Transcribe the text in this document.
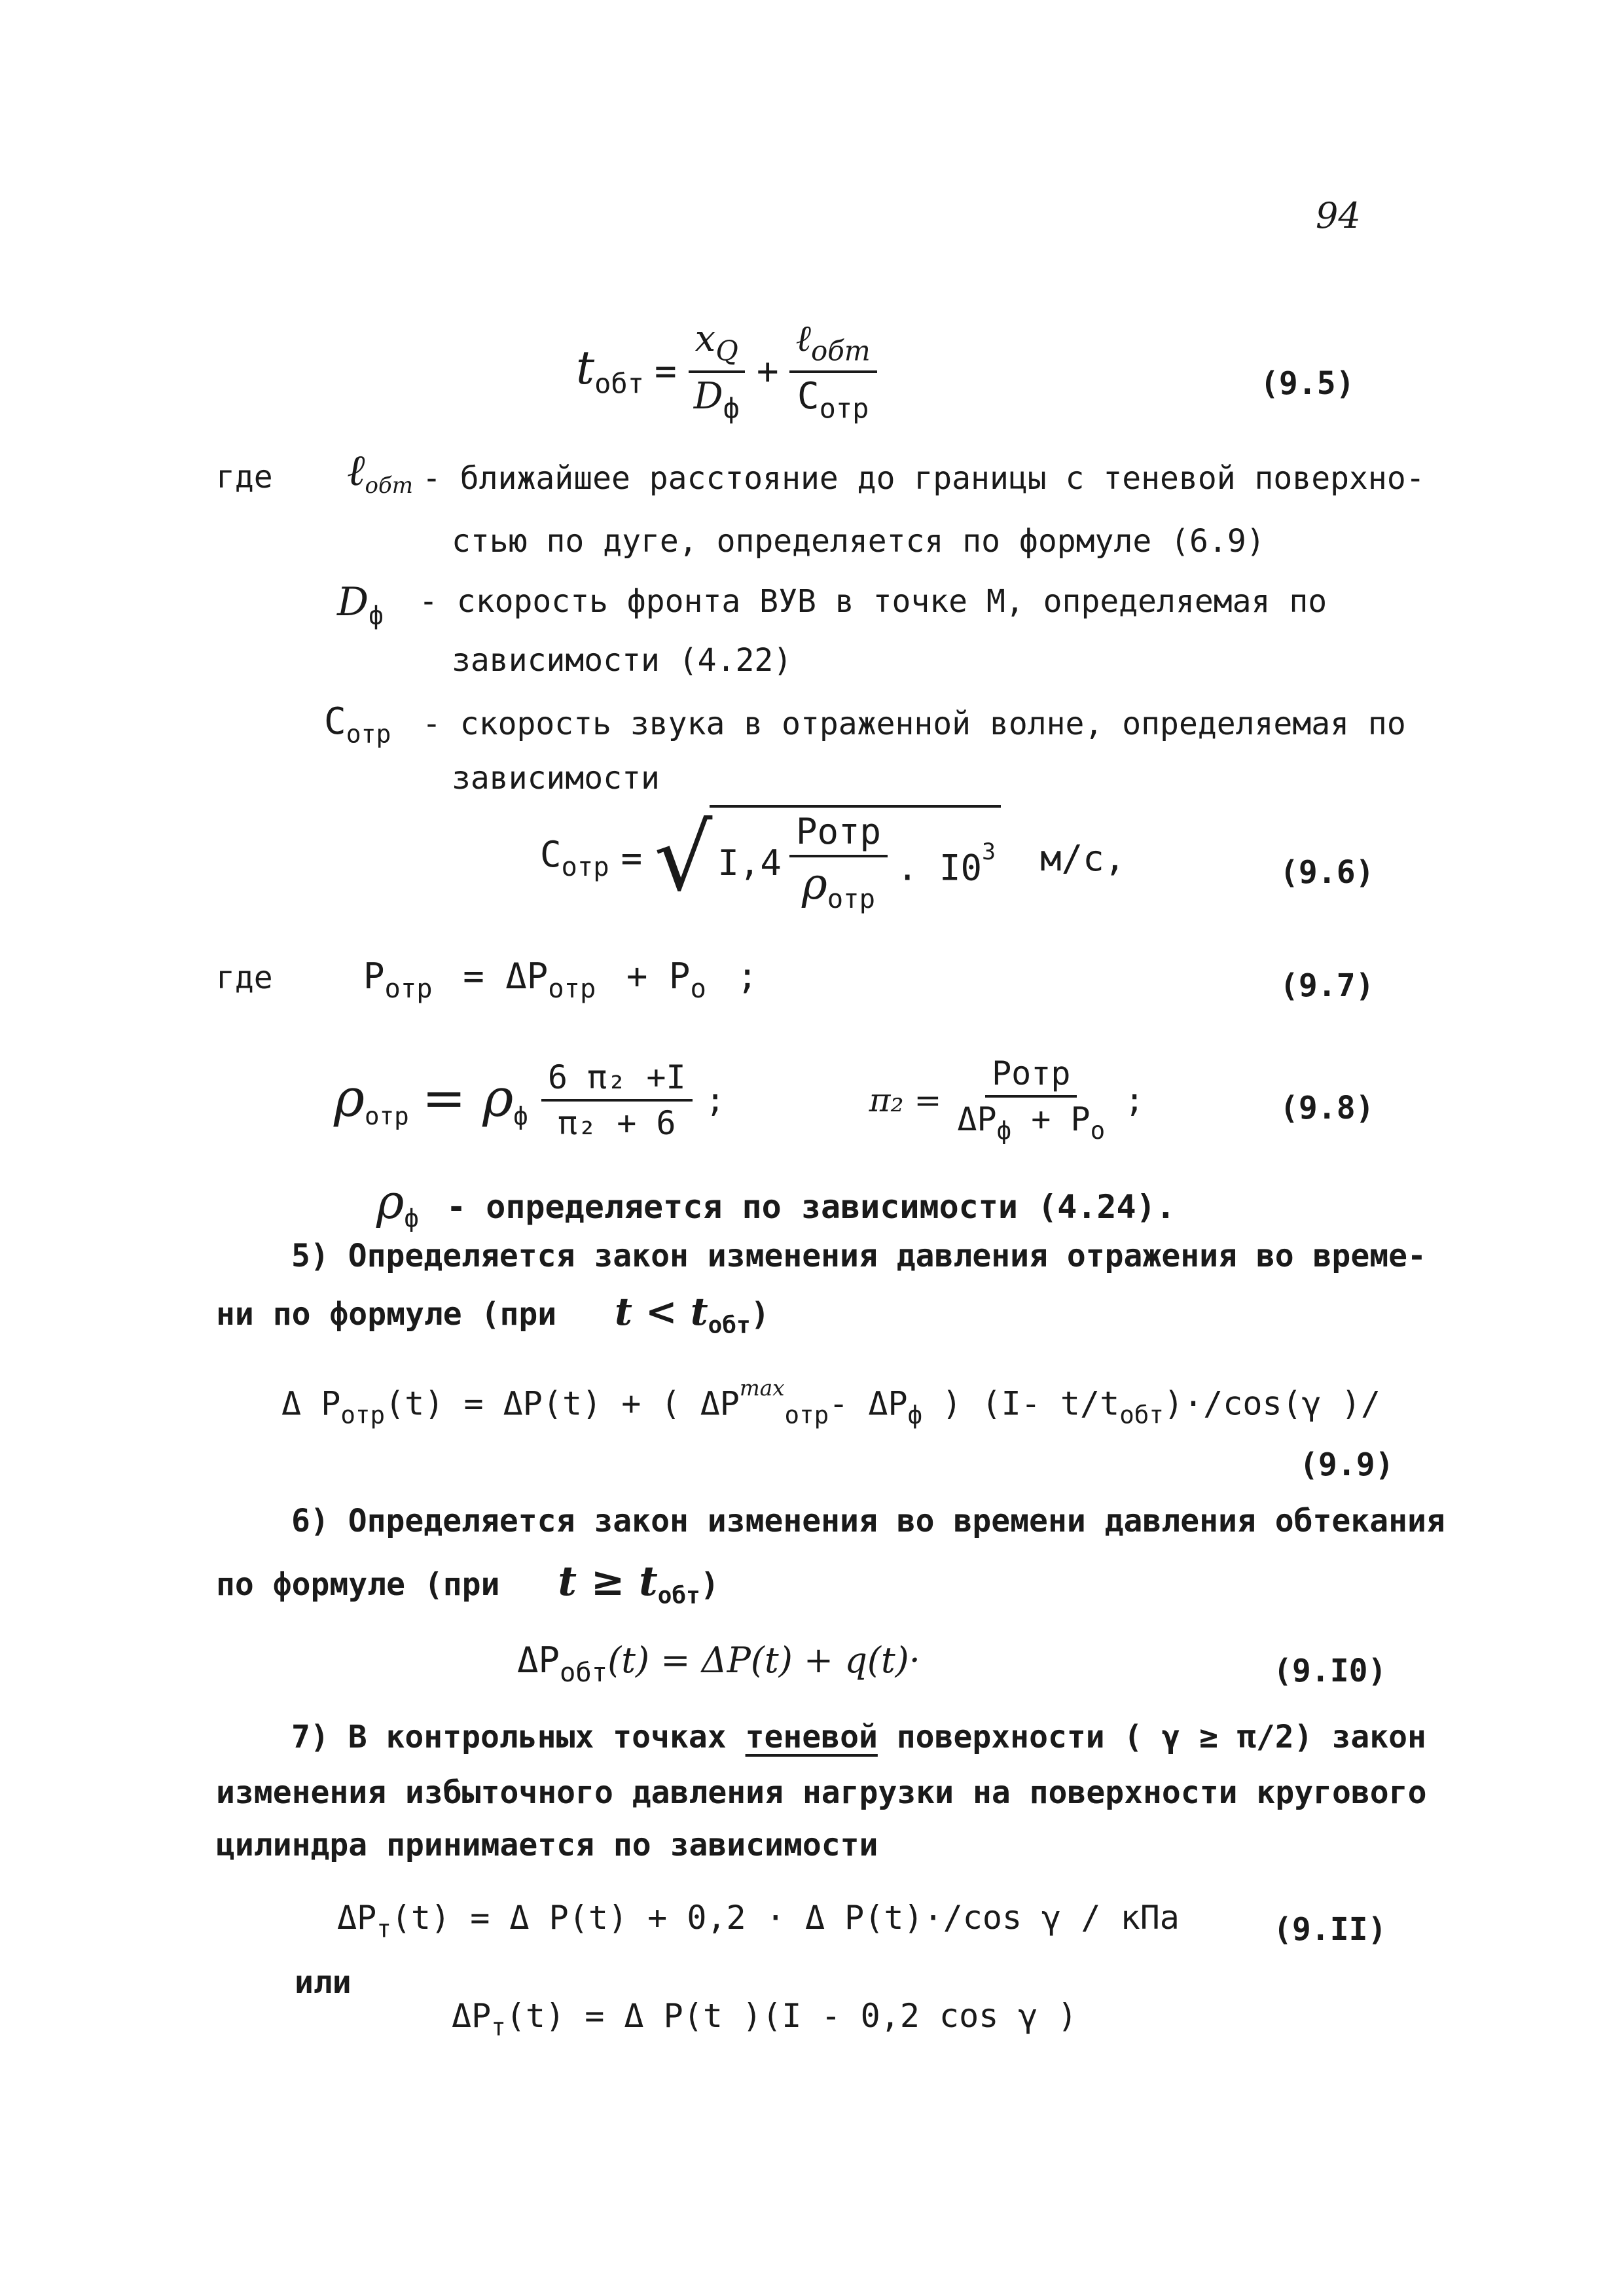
94
$t_{обт} = \frac{x_Q}{D_ф} + \frac{\ell_{обт}}{C_{отр}}$	(9.5)
где ℓ$_{обт}$ - ближайшее расстояние до границы с теневой поверхно-
стью по дуге, определяется по формуле (6.9)
$D_ф$ - скорость фронта ВУВ в точке М, определяемая по
зависимости (4.22)
$C_{отр}$ - скорость звука в отраженной волне, определяемая по
зависимости
$C_{отр}$ = √ $I,4 \frac{\text{Pотр}}{\rho_{отр}}$ . $I0^3$ м/с,	(9.6)
где	$P_{отр} = \Delta P_{отр} + P_о$ ;	(9.7)
$\rho_{отр} = \rho_ф \frac{\text{6 π₂ +I}}{\text{π₂ + 6}}$ ;	$\pi_2 = \frac{\text{Pотр}}{\Delta P_ф + P_о}$ ;	(9.8)
$\rho_ф$ - определяется по зависимости (4.24).
5) Определяется закон изменения давления отражения во време-
ни по формуле (при $t < t_{обт}$)
Δ $P_{отр}(t) = \Delta P(t)$ + ( $\Delta P^{max}_{отр}-$ $\Delta P_ф$ ) (I- $t/t_{обт})\cdot/\cos(\gamma$ )/
(9.9)
6) Определяется закон изменения во времени давления обтекания
по формуле (при $t \ge t_{обт}$)
$\Delta P_{обт}(t) = \Delta P(t) + q(t)\cdot$	(9.I0)
7) В контрольных точках теневой поверхности ( γ ≥ π/2) закон
изменения избыточного давления нагрузки на поверхности кругового
цилиндра принимается по зависимости
$\Delta P_т(t) = \Delta$ P(t) + 0,2 · Δ P(t)·/cos γ / кПа	(9.II)
или
$\Delta P_т(t) = \Delta$ P(t )(I - 0,2 cos γ )
